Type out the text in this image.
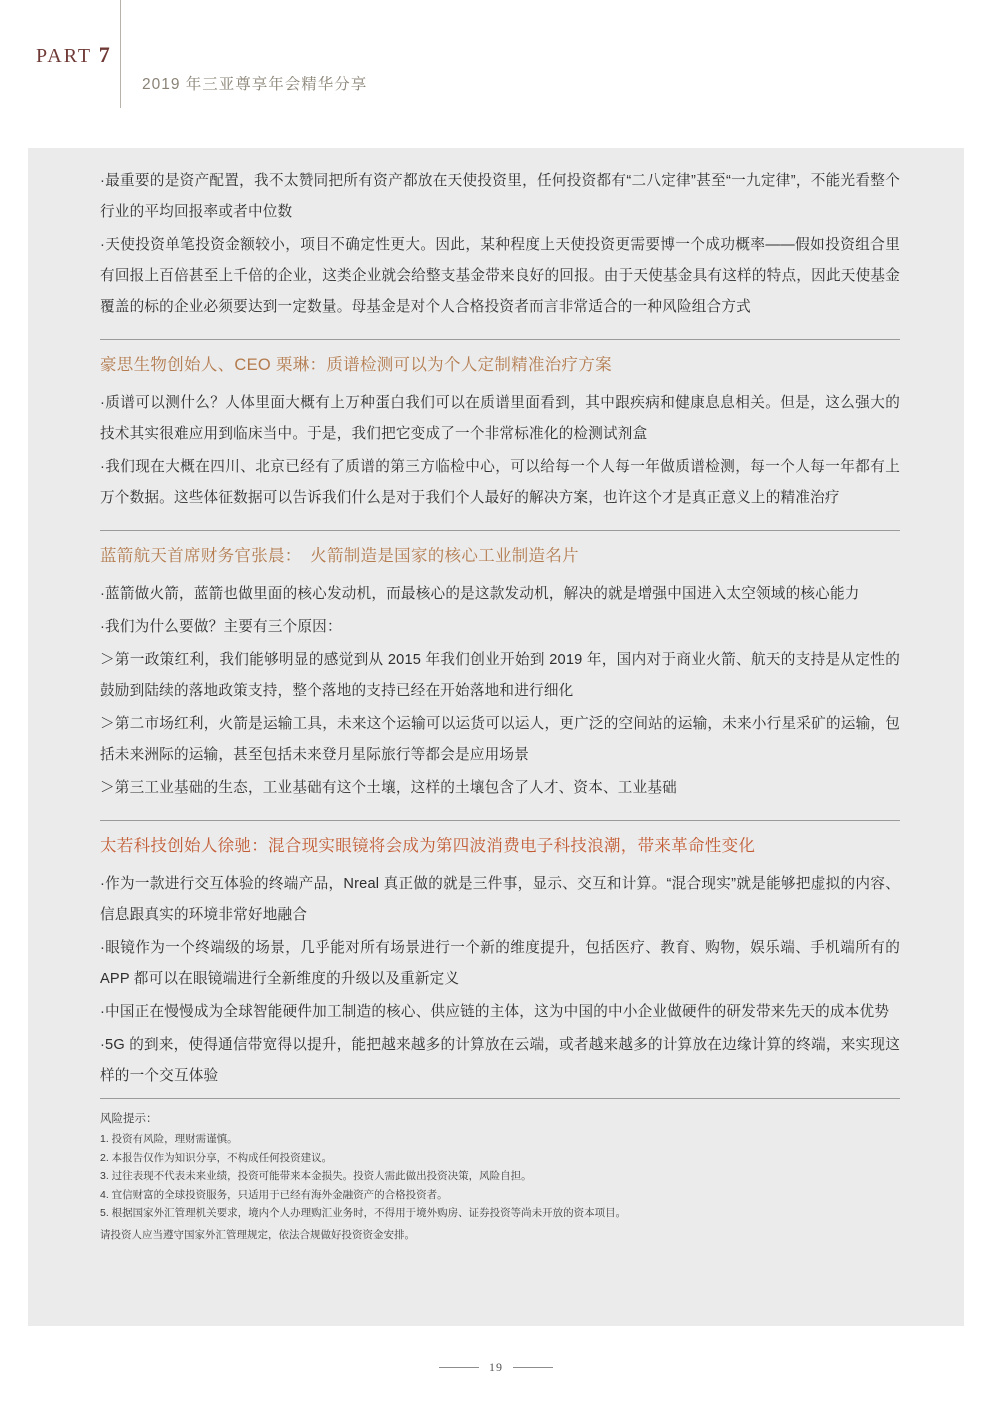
PART 7
2019 年三亚尊享年会精华分享

·最重要的是资产配置，我不太赞同把所有资产都放在天使投资里，任何投资都有“二八定律”甚至“一九定律”，不能光看整个行业的平均回报率或者中位数

·天使投资单笔投资金额较小，项目不确定性更大。因此，某种程度上天使投资更需要博一个成功概率——假如投资组合里有回报上百倍甚至上千倍的企业，这类企业就会给整支基金带来良好的回报。由于天使基金具有这样的特点，因此天使基金覆盖的标的企业必须要达到一定数量。母基金是对个人合格投资者而言非常适合的一种风险组合方式

豪思生物创始人、CEO 栗琳：质谱检测可以为个人定制精准治疗方案

·质谱可以测什么？人体里面大概有上万种蛋白我们可以在质谱里面看到，其中跟疾病和健康息息相关。但是，这么强大的技术其实很难应用到临床当中。于是，我们把它变成了一个非常标准化的检测试剂盒

·我们现在大概在四川、北京已经有了质谱的第三方临检中心，可以给每一个人每一年做质谱检测，每一个人每一年都有上万个数据。这些体征数据可以告诉我们什么是对于我们个人最好的解决方案，也许这个才是真正意义上的精准治疗

蓝箭航天首席财务官张晨：　火箭制造是国家的核心工业制造名片

·蓝箭做火箭，蓝箭也做里面的核心发动机，而最核心的是这款发动机，解决的就是增强中国进入太空领域的核心能力

·我们为什么要做？主要有三个原因：

＞第一政策红利，我们能够明显的感觉到从 2015 年我们创业开始到 2019 年，国内对于商业火箭、航天的支持是从定性的鼓励到陆续的落地政策支持，整个落地的支持已经在开始落地和进行细化

＞第二市场红利，火箭是运输工具，未来这个运输可以运货可以运人，更广泛的空间站的运输，未来小行星采矿的运输，包括未来洲际的运输，甚至包括未来登月星际旅行等都会是应用场景

＞第三工业基础的生态，工业基础有这个土壤，这样的土壤包含了人才、资本、工业基础

太若科技创始人徐驰：混合现实眼镜将会成为第四波消费电子科技浪潮，带来革命性变化

·作为一款进行交互体验的终端产品，Nreal 真正做的就是三件事，显示、交互和计算。“混合现实”就是能够把虚拟的内容、信息跟真实的环境非常好地融合

·眼镜作为一个终端级的场景，几乎能对所有场景进行一个新的维度提升，包括医疗、教育、购物，娱乐端、手机端所有的 APP 都可以在眼镜端进行全新维度的升级以及重新定义

·中国正在慢慢成为全球智能硬件加工制造的核心、供应链的主体，这为中国的中小企业做硬件的研发带来先天的成本优势

·5G 的到来，使得通信带宽得以提升，能把越来越多的计算放在云端，或者越来越多的计算放在边缘计算的终端，来实现这样的一个交互体验

风险提示：

1. 投资有风险，理财需谨慎。

2. 本报告仅作为知识分享，不构成任何投资建议。

3. 过往表现不代表未来业绩，投资可能带来本金损失。投资人需此做出投资决策，风险自担。

4. 宜信财富的全球投资服务，只适用于已经有海外金融资产的合格投资者。

5. 根据国家外汇管理机关要求，境内个人办理购汇业务时，不得用于境外购房、证券投资等尚未开放的资本项目。

请投资人应当遵守国家外汇管理规定，依法合规做好投资资金安排。

19
